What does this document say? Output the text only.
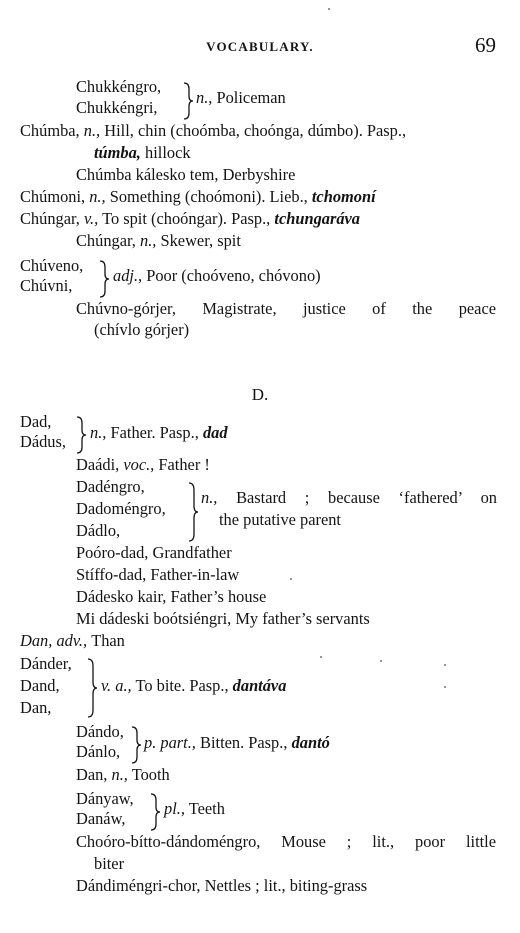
VOCABULARY.	69
Chukkéngro,
Chukkéngri,
n., Policeman
Chúmba, n., Hill, chin (choómba, choónga, dúmbo). Pasp.,
túmba, hillock
Chúmba kálesko tem, Derbyshire
Chúmoni, n., Something (choómoni). Lieb., tchomoní
Chúngar, v., To spit (choóngar). Pasp., tchungaráva
Chúngar, n., Skewer, spit
Chúveno,
Chúvni,
adj., Poor (choóveno, chóvono)
Chúvno-górjer, Magistrate, justice of the peace
(chívlo górjer)
D.
Dad,
Dádus, n., Father. Pasp., dad
Daádi, voc., Father !
Dadéngro,
Dadoméngro,
Dádlo,
n., Bastard ; because ‘fathered’ on
the putative parent
Poóro-dad, Grandfather
Stíffo-dad, Father-in-law
Dádesko kair, Father’s house
Mi dádeski boótsiéngri, My father’s servants
Dan, adv., Than
Dánder,
Dand,
Dan,
v. a., To bite. Pasp., dantáva
Dándo,
Dánlo, p. part., Bitten. Pasp., dantó
Dan, n., Tooth
Dányaw,
Danáw,
pl., Teeth
Choóro-bítto-dándoméngro, Mouse ; lit., poor little
biter
Dándiméngri-chor, Nettles ; lit., biting-grass
